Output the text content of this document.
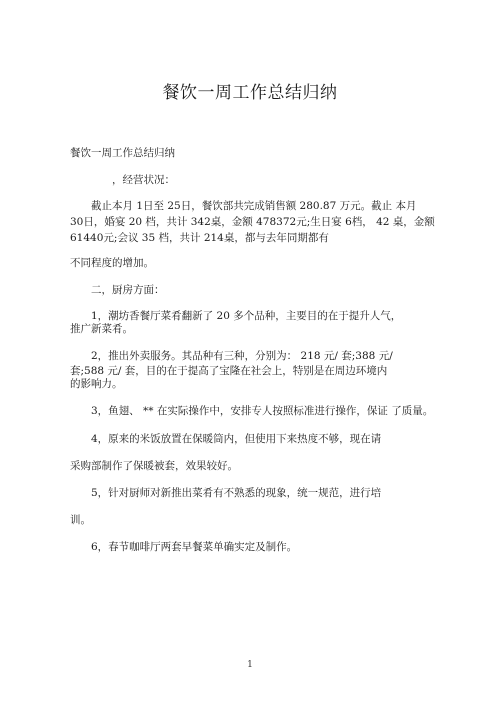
餐饮一周工作总结归纳
餐饮一周工作总结归纳
，经营状况：
截止本月 1日至 25日，餐饮部共完成销售额 280.87 万元。截止 本月
30日，婚宴 20 档，共计 342桌，金额 478372元;生日宴 6档， 42 桌，金额
61440元;会议 35 档，共计 214桌，都与去年同期都有
不同程度的增加。
二，厨房方面：
1，潮坊香餐厅菜肴翻新了 20 多个品种，主要目的在于提升人气，
推广新菜肴。
2，推出外卖服务。其品种有三种，分别为： 218 元/ 套;388 元/
套;588 元/ 套，目的在于提高了宝隆在社会上，特别是在周边环境内
的影响力。
3，鱼翅、 ** 在实际操作中，安排专人按照标准进行操作，保证 了质量。
4，原来的米饭放置在保暖筒内，但使用下来热度不够，现在请
采购部制作了保暖被套，效果较好。
5，针对厨师对新推出菜肴有不熟悉的现象，统一规范，进行培
训。
6，春节咖啡厅两套早餐菜单确实定及制作。
1
